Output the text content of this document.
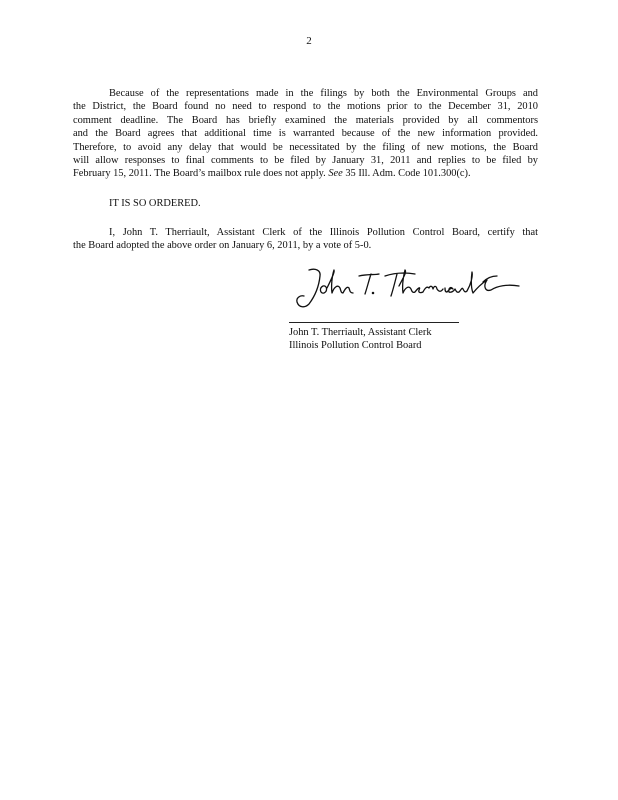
2

Because of the representations made in the filings by both the Environmental Groups and
the District, the Board found no need to respond to the motions prior to the December 31, 2010
comment deadline. The Board has briefly examined the materials provided by all commentors
and the Board agrees that additional time is warranted because of the new information provided.
Therefore, to avoid any delay that would be necessitated by the filing of new motions, the Board
will allow responses to final comments to be filed by January 31, 2011 and replies to be filed by
February 15, 2011. The Board’s mailbox rule does not apply. See 35 Ill. Adm. Code 101.300(c).

IT IS SO ORDERED.

I, John T. Therriault, Assistant Clerk of the Illinois Pollution Control Board, certify that
the Board adopted the above order on January 6, 2011, by a vote of 5-0.

John T. Therriault, Assistant Clerk
Illinois Pollution Control Board
